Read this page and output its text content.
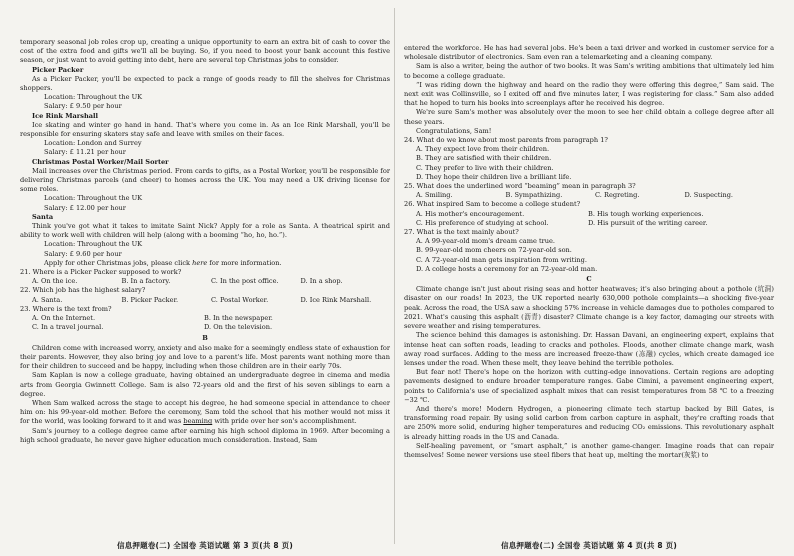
temporary seasonal job roles crop up, creating a unique opportunity to earn an extra bit of cash to cover the cost of the extra food and gifts we'll all be buying. So, if you need to boost your bank account this festive season, or just want to avoid getting into debt, here are several top Christmas jobs to consider.

Picker Packer

As a Picker Packer, you'll be expected to pack a range of goods ready to fill the shelves for Christmas shoppers.

Location: Throughout the UK

Salary: £ 9.50 per hour

Ice Rink Marshall

Ice skating and winter go hand in hand. That's where you come in. As an Ice Rink Marshall, you'll be responsible for ensuring skaters stay safe and leave with smiles on their faces.

Location: London and Surrey

Salary: £ 11.21 per hour

Christmas Postal Worker/Mail Sorter

Mail increases over the Christmas period. From cards to gifts, as a Postal Worker, you'll be responsible for delivering Christmas parcels (and cheer) to homes across the UK. You may need a UK driving license for some roles.

Location: Throughout the UK

Salary: £ 12.00 per hour

Santa

Think you've got what it takes to imitate Saint Nick? Apply for a role as Santa. A theatrical spirit and ability to work well with children will help (along with a booming “ho, ho, ho.”).

Location: Throughout the UK

Salary: £ 9.60 per hour

Apply for other Christmas jobs, please click here for more information.

21. Where is a Picker Packer supposed to work?

A. On the ice.	B. In a factory.	C. In the post office.	D. In a shop.

22. Which job has the highest salary?

A. Santa.	B. Picker Packer.	C. Postal Worker.	D. Ice Rink Marshall.

23. Where is the text from?

A. On the Internet.	B. In the newspaper.
C. In a travel journal.	D. On the television.

B

Children come with increased worry, anxiety and also make for a seemingly endless state of exhaustion for their parents. However, they also bring joy and love to a parent's life. Most parents want nothing more than for their children to succeed and be happy, including when those children are in their early 70s.

Sam Kaplan is now a college graduate, having obtained an undergraduate degree in cinema and media arts from Georgia Gwinnett College. Sam is also 72-years old and the first of his seven siblings to earn a degree.

When Sam walked across the stage to accept his degree, he had someone special in attendance to cheer him on: his 99-year-old mother. Before the ceremony, Sam told the school that his mother would not miss it for the world, was looking forward to it and was beaming with pride over her son's accomplishment.

Sam's journey to a college degree came after earning his high school diploma in 1969. After becoming a high school graduate, he never gave higher education much consideration. Instead, Sam

信息押题卷(二) 全国卷 英语试题 第 3 页(共 8 页)

entered the workforce. He has had several jobs. He's been a taxi driver and worked in customer service for a wholesale distributor of electronics. Sam even ran a telemarketing and a cleaning company.

Sam is also a writer, being the author of two books. It was Sam's writing ambitions that ultimately led him to become a college graduate.

“I was riding down the highway and heard on the radio they were offering this degree,” Sam said. The next exit was Collinsville, so I exited off and five minutes later, I was registering for class.” Sam also added that he hoped to turn his books into screenplays after he received his degree.

We're sure Sam's mother was absolutely over the moon to see her child obtain a college degree after all these years.

Congratulations, Sam!

24. What do we know about most parents from paragraph 1?

A. They expect love from their children.

B. They are satisfied with their children.

C. They prefer to live with their children.

D. They hope their children live a brilliant life.

25. What does the underlined word “beaming” mean in paragraph 3?

A. Smiling.	B. Sympathizing.	C. Regreting.	D. Suspecting.

26. What inspired Sam to become a college student?

A. His mother's encouragement.	B. His tough working experiences.
C. His preference of studying at school.	D. His pursuit of the writing career.

27. What is the text mainly about?

A. A 99-year-old mom's dream came true.

B. 99-year-old mom cheers on 72-year-old son.

C. A 72-year-old man gets inspiration from writing.

D. A college hosts a ceremony for an 72-year-old man.

C

Climate change isn't just about rising seas and hotter heatwaves; it's also bringing about a pothole (坑洞) disaster on our roads! In 2023, the UK reported nearly 630,000 pothole complaints—a shocking five-year peak. Across the road, the USA saw a shocking 57% increase in vehicle damages due to potholes compared to 2021. What's causing this asphalt (沥青) disaster? Climate change is a key factor, damaging our streets with severe weather and rising temperatures.

The science behind this damages is astonishing. Dr. Hassan Davani, an engineering expert, explains that intense heat can soften roads, leading to cracks and potholes. Floods, another climate change mark, wash away road surfaces. Adding to the mess are increased freeze-thaw (冻融) cycles, which create damaged ice lenses under the road. When these melt, they leave behind the terrible potholes.

But fear not! There's hope on the horizon with cutting-edge innovations. Certain regions are adopting pavements designed to endure broader temperature ranges. Gabe Cimini, a pavement engineering expert, points to California's use of specialized asphalt mixes that can resist temperatures from 58 ℃ to a freezing −32 ℃.

And there's more! Modern Hydrogen, a pioneering climate tech startup backed by Bill Gates, is transforming road repair. By using solid carbon from carbon capture in asphalt, they're crafting roads that are 250% more solid, enduring higher temperatures and reducing CO₂ emissions. This revolutionary asphalt is already hitting roads in the US and Canada.

Self-healing pavement, or “smart asphalt,” is another game-changer. Imagine roads that can repair themselves! Some newer versions use steel fibers that heat up, melting the mortar(灰浆) to

信息押题卷(二) 全国卷 英语试题 第 4 页(共 8 页)
